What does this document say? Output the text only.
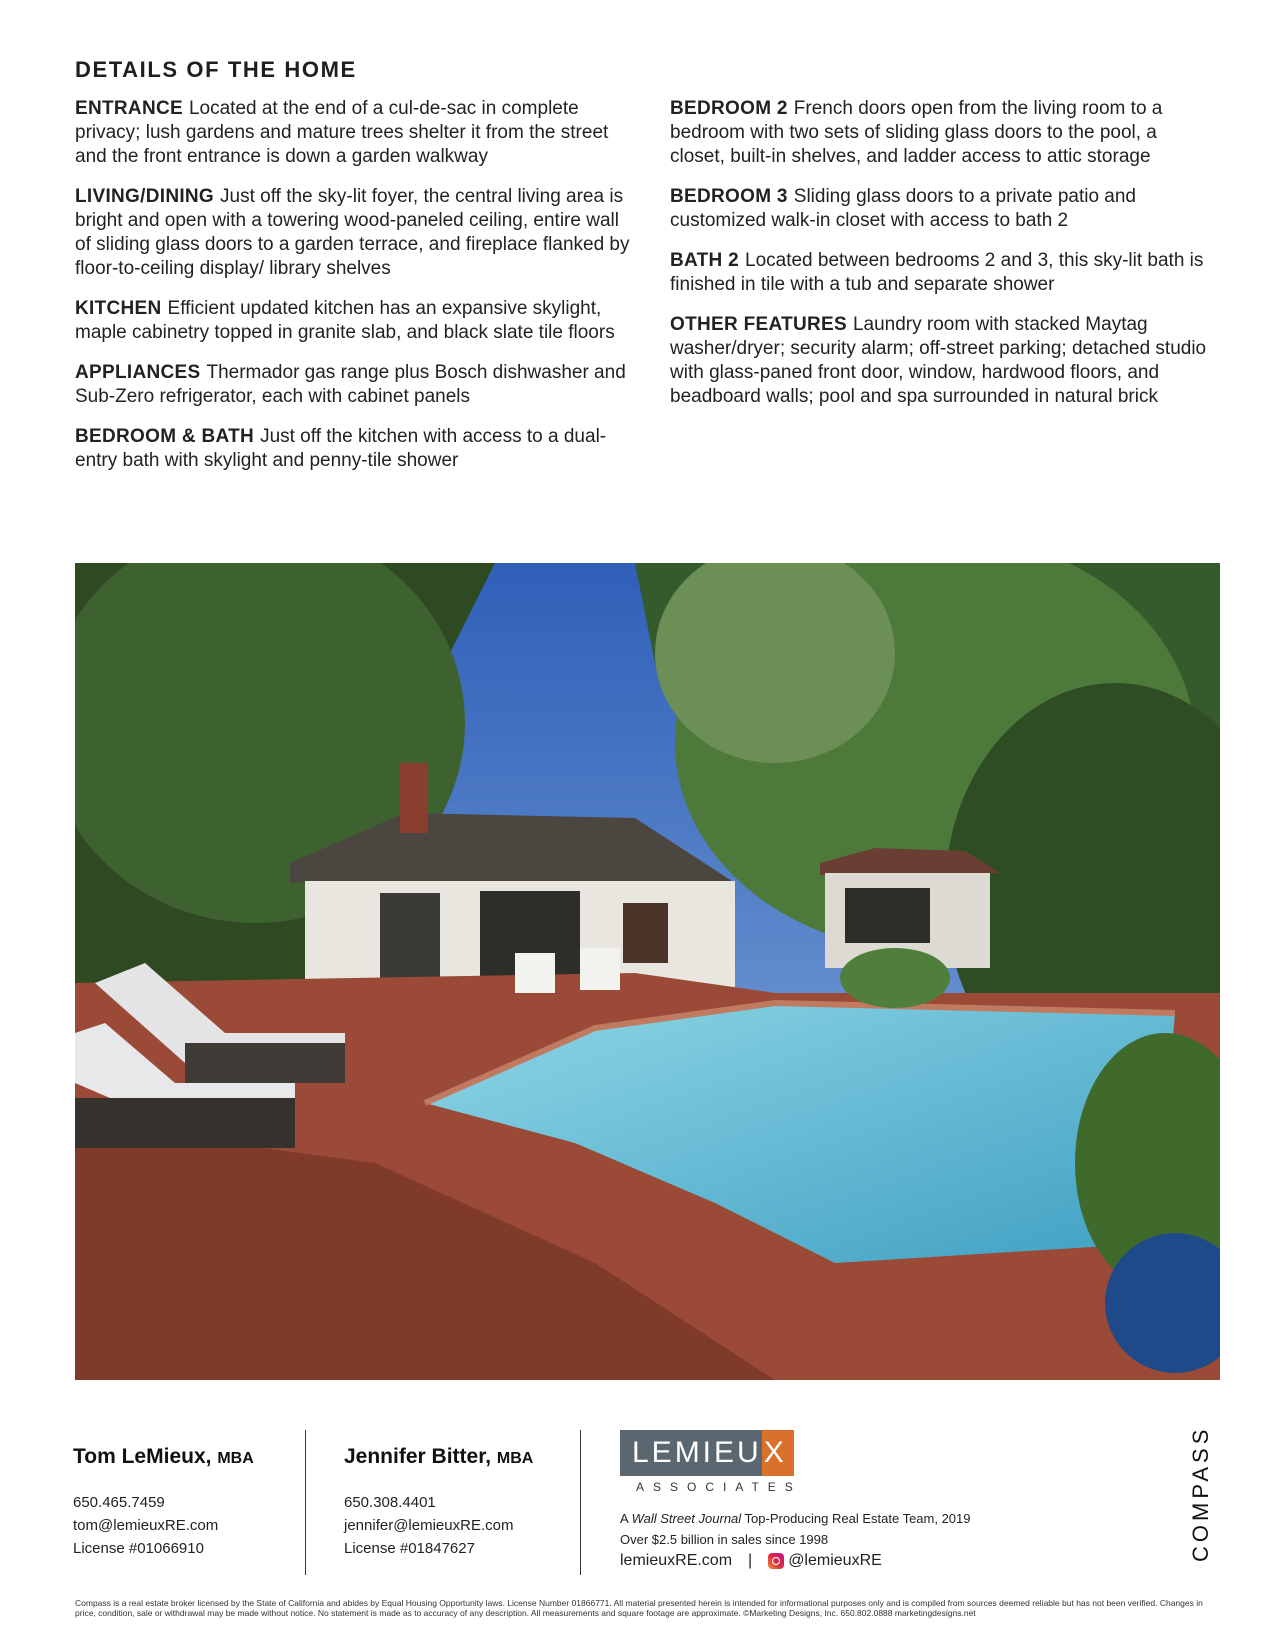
DETAILS OF THE HOME

ENTRANCE Located at the end of a cul-de-sac in complete privacy; lush gardens and mature trees shelter it from the street and the front entrance is down a garden walkway

LIVING/DINING Just off the sky-lit foyer, the central living area is bright and open with a towering wood-paneled ceiling, entire wall of sliding glass doors to a garden terrace, and fireplace flanked by floor-to-ceiling display/ library shelves

KITCHEN Efficient updated kitchen has an expansive skylight, maple cabinetry topped in granite slab, and black slate tile floors

APPLIANCES Thermador gas range plus Bosch dishwasher and Sub-Zero refrigerator, each with cabinet panels

BEDROOM & BATH Just off the kitchen with access to a dual-entry bath with skylight and penny-tile shower

BEDROOM 2 French doors open from the living room to a bedroom with two sets of sliding glass doors to the pool, a closet, built-in shelves, and ladder access to attic storage

BEDROOM 3 Sliding glass doors to a private patio and customized walk-in closet with access to bath 2

BATH 2 Located between bedrooms 2 and 3, this sky-lit bath is finished in tile with a tub and separate shower

OTHER FEATURES Laundry room with stacked Maytag washer/dryer; security alarm; off-street parking; detached studio with glass-paned front door, window, hardwood floors, and beadboard walls; pool and spa surrounded in natural brick

Tom LeMieux, MBA
650.465.7459
tom@lemieuxRE.com
License #01066910
Jennifer Bitter, MBA
650.308.4401
jennifer@lemieuxRE.com
License #01847627
LEMIEU X
ASSOCIATES
A Wall Street Journal Top-Producing Real Estate Team, 2019
Over $2.5 billion in sales since 1998
lemieuxRE.com | @lemieuxRE	COMPASS
Compass is a real estate broker licensed by the State of California and abides by Equal Housing Opportunity laws. License Number 01866771. All material presented herein is intended for informational purposes only and is compiled from sources deemed reliable but has not been verified. Changes in price, condition, sale or withdrawal may be made without notice. No statement is made as to accuracy of any description. All measurements and square footage are approximate. ©Marketing Designs, Inc. 650.802.0888 marketingdesigns.net
